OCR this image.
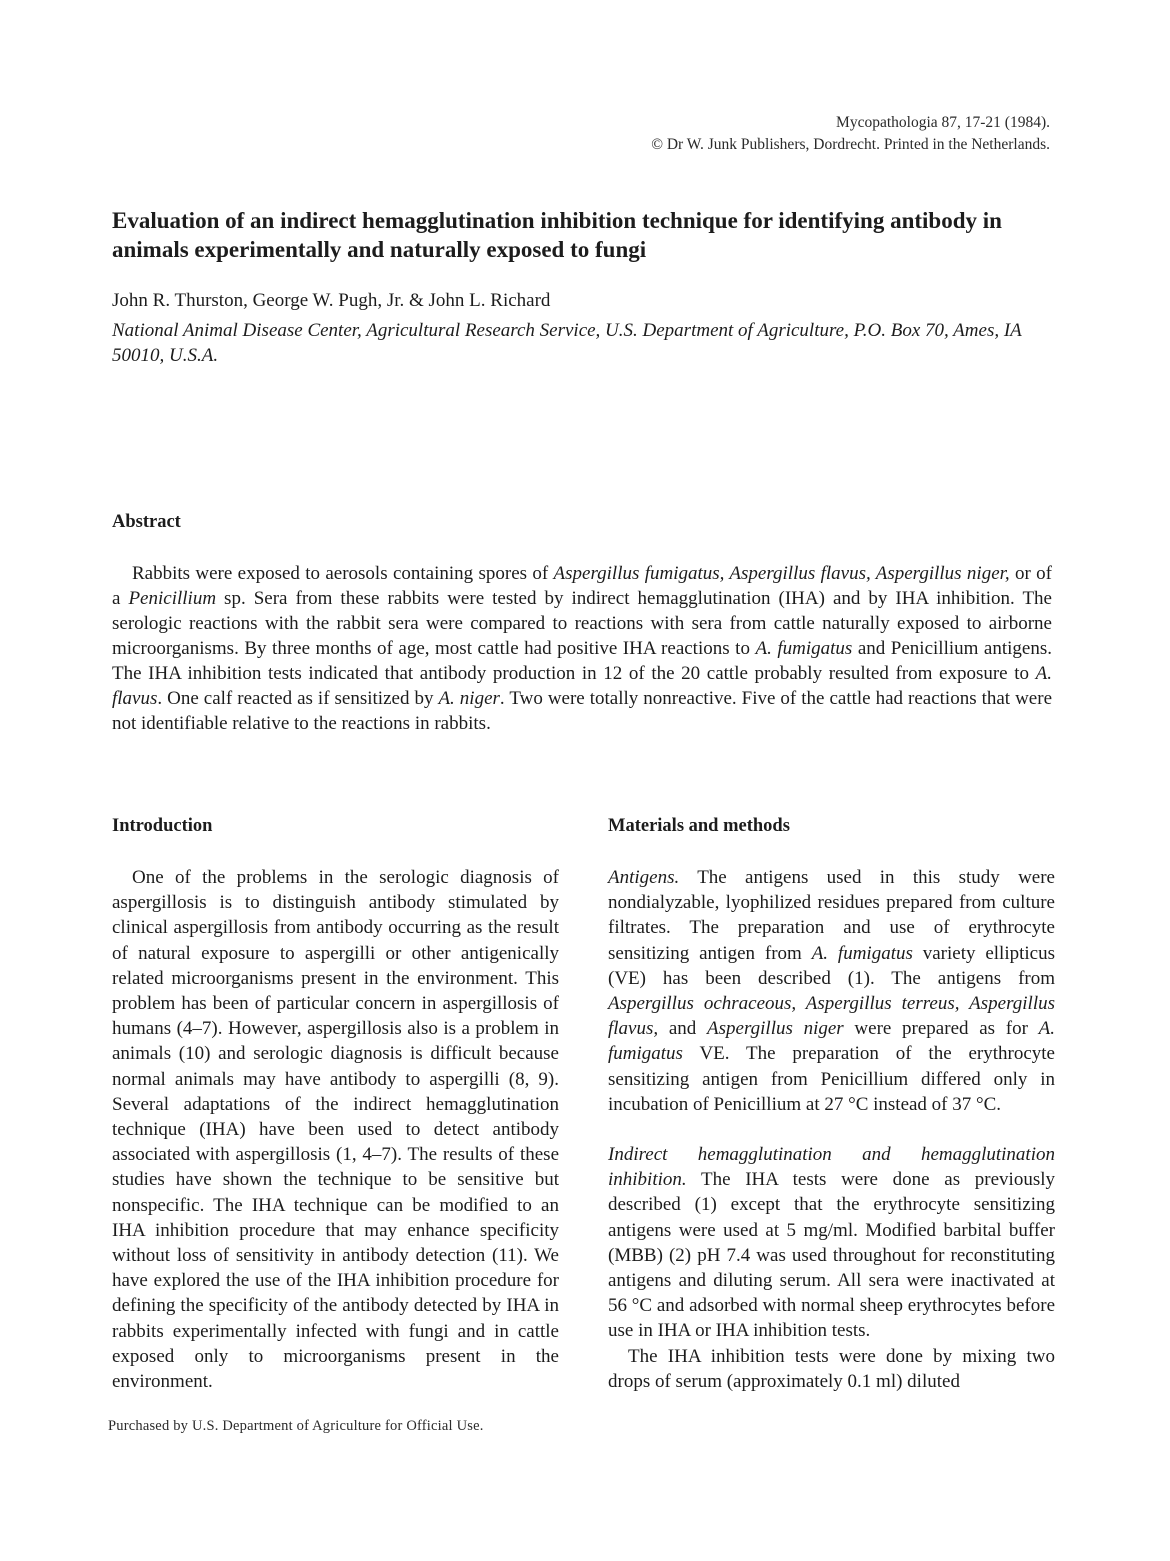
Mycopathologia 87, 17-21 (1984).
© Dr W. Junk Publishers, Dordrecht. Printed in the Netherlands.
Evaluation of an indirect hemagglutination inhibition technique for identifying antibody in animals experimentally and naturally exposed to fungi
John R. Thurston, George W. Pugh, Jr. & John L. Richard
National Animal Disease Center, Agricultural Research Service, U.S. Department of Agriculture, P.O. Box 70, Ames, IA 50010, U.S.A.
Abstract

Rabbits were exposed to aerosols containing spores of Aspergillus fumigatus, Aspergillus flavus, Aspergillus niger, or of a Penicillium sp. Sera from these rabbits were tested by indirect hemagglutination (IHA) and by IHA inhibition. The serologic reactions with the rabbit sera were compared to reactions with sera from cattle naturally exposed to airborne microorganisms. By three months of age, most cattle had positive IHA reactions to A. fumigatus and Penicillium antigens. The IHA inhibition tests indicated that antibody production in 12 of the 20 cattle probably resulted from exposure to A. flavus. One calf reacted as if sensitized by A. niger. Two were totally nonreactive. Five of the cattle had reactions that were not identifiable relative to the reactions in rabbits.

Introduction	Materials and methods

One of the problems in the serologic diagnosis of aspergillosis is to distinguish antibody stimulated by clinical aspergillosis from antibody occurring as the result of natural exposure to aspergilli or other antigenically related microorganisms present in the environment. This problem has been of particular concern in aspergillosis of humans (4–7). However, aspergillosis also is a problem in animals (10) and serologic diagnosis is difficult because normal animals may have antibody to aspergilli (8, 9). Several adaptations of the indirect hemagglutination technique (IHA) have been used to detect antibody associated with aspergillosis (1, 4–7). The results of these studies have shown the technique to be sensitive but nonspecific. The IHA technique can be modified to an IHA inhibition procedure that may enhance specificity without loss of sensitivity in antibody detection (11). We have explored the use of the IHA inhibition procedure for defining the specificity of the antibody detected by IHA in rabbits experimentally infected with fungi and in cattle exposed only to microorganisms present in the environment.

Antigens. The antigens used in this study were nondialyzable, lyophilized residues prepared from culture filtrates. The preparation and use of erythrocyte sensitizing antigen from A. fumigatus variety ellipticus (VE) has been described (1). The antigens from Aspergillus ochraceous, Aspergillus terreus, Aspergillus flavus, and Aspergillus niger were prepared as for A. fumigatus VE. The preparation of the erythrocyte sensitizing antigen from Penicillium differed only in incubation of Penicillium at 27 °C instead of 37 °C.

Indirect hemagglutination and hemagglutination inhibition. The IHA tests were done as previously described (1) except that the erythrocyte sensitizing antigens were used at 5 mg/ml. Modified barbital buffer (MBB) (2) pH 7.4 was used throughout for reconstituting antigens and diluting serum. All sera were inactivated at 56 °C and adsorbed with normal sheep erythrocytes before use in IHA or IHA inhibition tests.

The IHA inhibition tests were done by mixing two drops of serum (approximately 0.1 ml) diluted

Purchased by U.S. Department of Agriculture for Official Use.
